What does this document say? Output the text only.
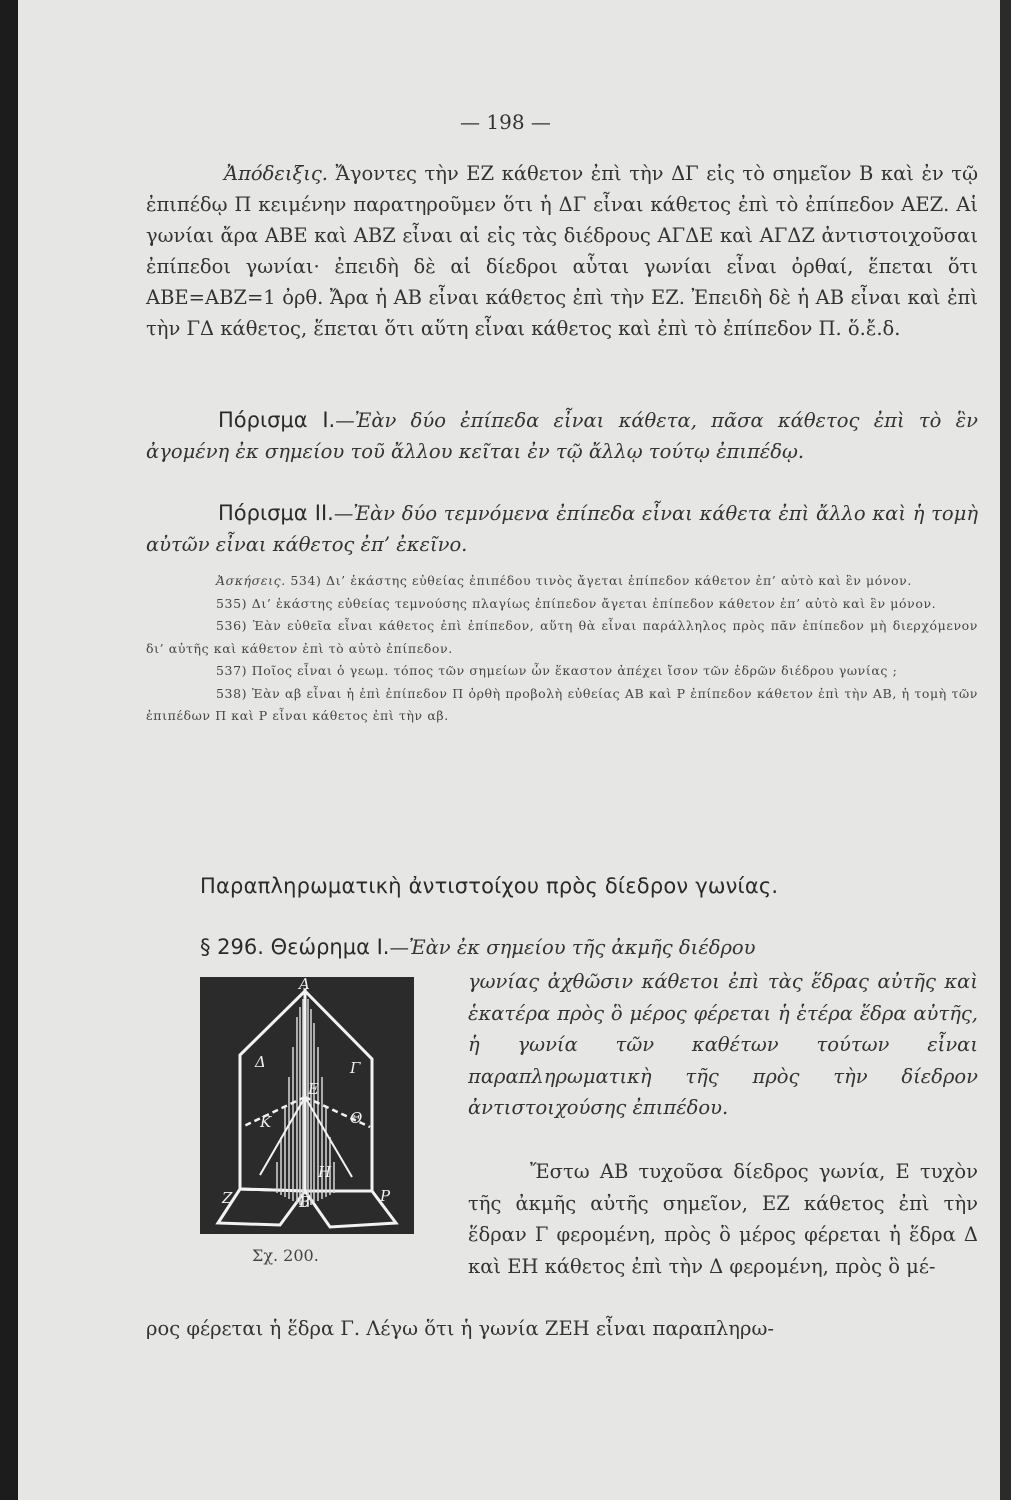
— 198 —

Ἀπόδειξις. Ἄγοντες τὴν ΕΖ κάθετον ἐπὶ τὴν ΔΓ εἰς τὸ σημεῖον Β καὶ ἐν τῷ ἐπιπέδῳ Π κειμένην παρατηροῦμεν ὅτι ἡ ΔΓ εἶναι κάθετος ἐπὶ τὸ ἐπίπεδον ΑΕΖ. Αἱ γωνίαι ἄρα ΑΒΕ καὶ ΑΒΖ εἶναι αἱ εἰς τὰς διέδρους ΑΓΔΕ καὶ ΑΓΔΖ ἀντιστοιχοῦσαι ἐπίπεδοι γωνίαι· ἐπειδὴ δὲ αἱ δίεδροι αὗται γωνίαι εἶναι ὀρθαί, ἕπεται ὅτι ΑΒΕ=ΑΒΖ=1 ὀρθ. Ἄρα ἡ ΑΒ εἶναι κάθετος ἐπὶ τὴν ΕΖ. Ἐπειδὴ δὲ ἡ ΑΒ εἶναι καὶ ἐπὶ τὴν ΓΔ κάθετος, ἕπεται ὅτι αὕτη εἶναι κάθετος καὶ ἐπὶ τὸ ἐπίπεδον Π. ὅ.ἔ.δ.

Πόρισμα Ι.—Ἐὰν δύο ἐπίπεδα εἶναι κάθετα, πᾶσα κάθετος ἐπὶ τὸ ἓν ἀγομένη ἐκ σημείου τοῦ ἄλλου κεῖται ἐν τῷ ἄλλῳ τούτῳ ἐπιπέδῳ.

Πόρισμα ΙΙ.—Ἐὰν δύο τεμνόμενα ἐπίπεδα εἶναι κάθετα ἐπὶ ἄλλο καὶ ἡ τομὴ αὐτῶν εἶναι κάθετος ἐπ’ ἐκεῖνο.

Ἀσκήσεις. 534) Δι’ ἑκάστης εὐθείας ἐπιπέδου τινὸς ἄγεται ἐπίπεδον κάθετον ἐπ’ αὐτὸ καὶ ἓν μόνον.

535) Δι’ ἑκάστης εὐθείας τεμνούσης πλαγίως ἐπίπεδον ἄγεται ἐπίπεδον κάθετον ἐπ’ αὐτὸ καὶ ἓν μόνον.

536) Ἐὰν εὐθεῖα εἶναι κάθετος ἐπὶ ἐπίπεδον, αὕτη θὰ εἶναι παράλληλος πρὸς πᾶν ἐπίπεδον μὴ διερχόμενον δι’ αὐτῆς καὶ κάθετον ἐπὶ τὸ αὐτὸ ἐπίπεδον.

537) Ποῖος εἶναι ὁ γεωμ. τόπος τῶν σημείων ὧν ἕκαστον ἀπέχει ἴσον τῶν ἑδρῶν διέδρου γωνίας ;

538) Ἐὰν αβ εἶναι ἡ ἐπὶ ἐπίπεδον Π ὀρθὴ προβολὴ εὐθείας ΑΒ καὶ Ρ ἐπίπεδον κάθετον ἐπὶ τὴν ΑΒ, ἡ τομὴ τῶν ἐπιπέδων Π καὶ Ρ εἶναι κάθετος ἐπὶ τὴν αβ.

Παραπληρωματικὴ ἀντιστοίχου πρὸς δίεδρον γωνίας.
§ 296. Θεώρημα Ι.—Ἐὰν ἐκ σημείου τῆς ἀκμῆς διέδρου
γωνίας ἀχθῶσιν κάθετοι ἐπὶ τὰς ἕδρας αὐτῆς καὶ ἑκατέρα πρὸς ὃ μέρος φέρεται ἡ ἑτέρα ἕδρα αὐτῆς, ἡ γωνία τῶν καθέτων τούτων εἶναι παραπληρωματικὴ τῆς πρὸς τὴν δίεδρον ἀντιστοιχούσης ἐπιπέδου.
Ἔστω ΑΒ τυχοῦσα δίεδρος γωνία, Ε τυχὸν τῆς ἀκμῆς αὐτῆς σημεῖον, ΕΖ κάθετος ἐπὶ τὴν ἕδραν Γ φερομένη, πρὸς ὃ μέρος φέρεται ἡ ἕδρα Δ καὶ ΕΗ κάθετος ἐπὶ τὴν Δ φερομένη, πρὸς ὃ μέ-
ρος φέρεται ἡ ἕδρα Γ. Λέγω ὅτι ἡ γωνία ΖΕΗ εἶναι παραπληρω-
Α
Δ	Γ
Ε
Κ	Θ
Ζ	Β	Ρ
Η
Σχ. 200.
